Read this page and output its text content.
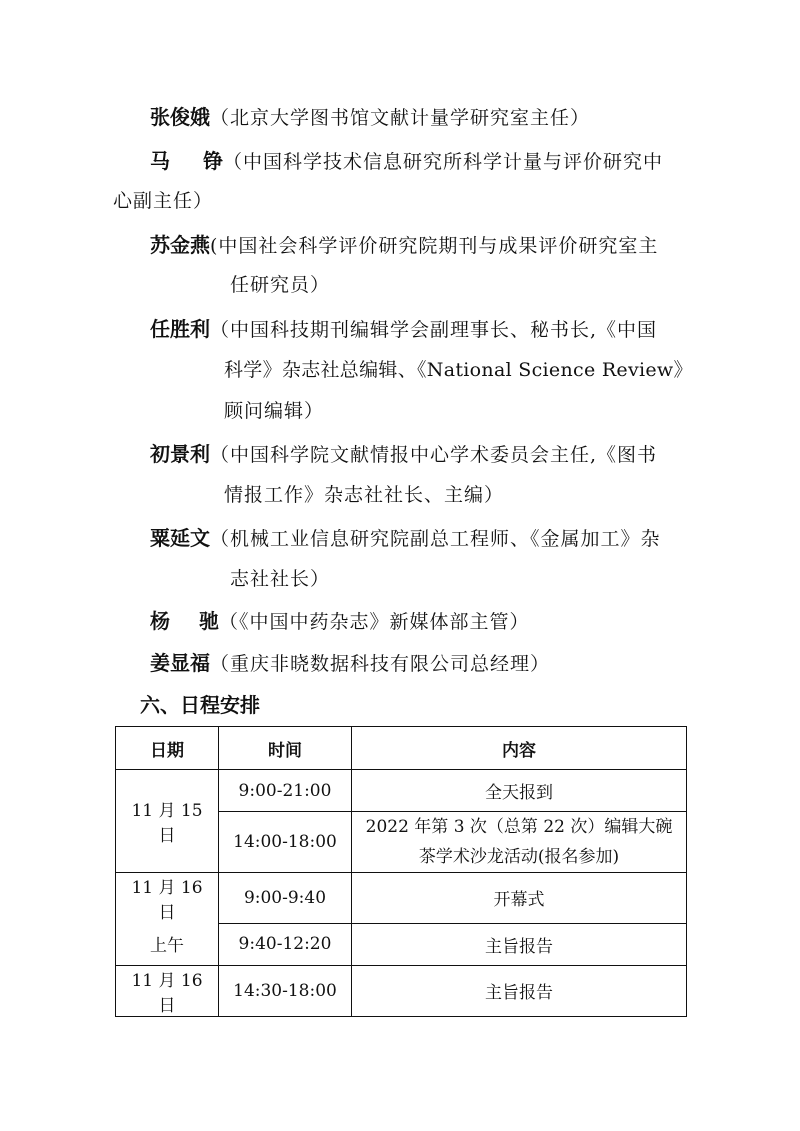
张俊娥（北京大学图书馆文献计量学研究室主任）
马 铮（中国科学技术信息研究所科学计量与评价研究中
心副主任）
苏金燕(中国社会科学评价研究院期刊与成果评价研究室主
任研究员）
任胜利（中国科技期刊编辑学会副理事长、秘书长,《中国
科学》杂志社总编辑、《National Science Review》
顾问编辑）
初景利（中国科学院文献情报中心学术委员会主任,《图书
情报工作》杂志社社长、主编）
粟延文（机械工业信息研究院副总工程师、《金属加工》杂
志社社长）
杨 驰（《中国中药杂志》新媒体部主管）
姜显福（重庆非晓数据科技有限公司总经理）
六、日程安排
日期	时间	内容
11 月 15 日	9:00-21:00	全天报到
	14:00-18:00	2022 年第 3 次（总第 22 次）编辑大碗
茶学术沙龙活动(报名参加)

11 月 16 日	9:00-9:40	开幕式
上午	9:40-12:20	主旨报告
11 月 16 日	14:30-18:00	主旨报告
